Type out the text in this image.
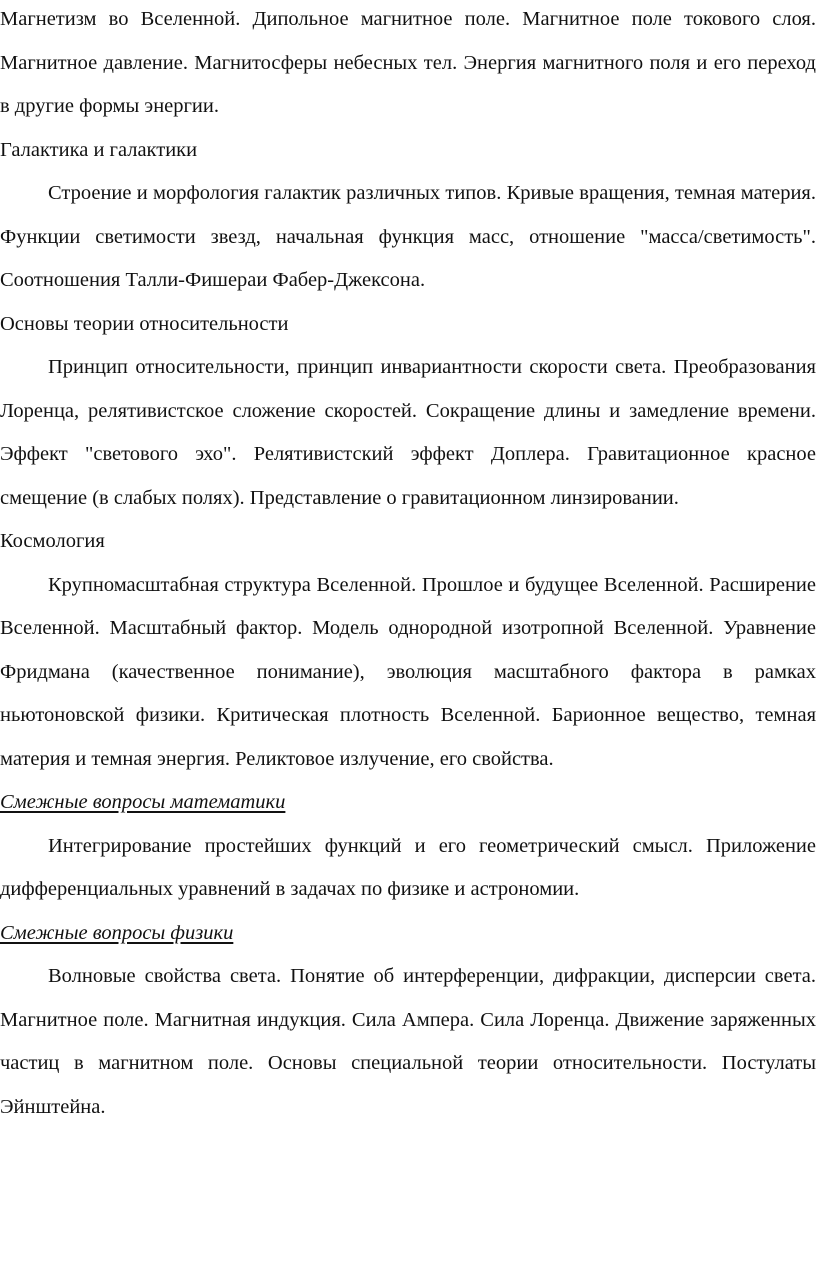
Магнетизм во Вселенной. Дипольное магнитное поле. Магнитное поле токового слоя. Магнитное давление. Магнитосферы небесных тел. Энергия магнитного поля и его переход в другие формы энергии.

Галактика и галактики

Строение и морфология галактик различных типов. Кривые вращения, темная материя. Функции светимости звезд, начальная функция масс, отношение "масса/светимость". Соотношения Талли-Фишераи Фабер-Джексона.

Основы теории относительности

Принцип относительности, принцип инвариантности скорости света. Преобразования Лоренца, релятивистское сложение скоростей. Сокращение длины и замедление времени. Эффект "светового эхо". Релятивистский эффект Доплера. Гравитационное красное смещение (в слабых полях). Представление о гравитационном линзировании.

Космология

Крупномасштабная структура Вселенной. Прошлое и будущее Вселенной. Расширение Вселенной. Масштабный фактор. Модель однородной изотропной Вселенной. Уравнение Фридмана (качественное понимание), эволюция масштабного фактора в рамках ньютоновской физики. Критическая плотность Вселенной. Барионное вещество, темная материя и темная энергия. Реликтовое излучение, его свойства.

Смежные вопросы математики

Интегрирование простейших функций и его геометрический смысл. Приложение дифференциальных уравнений в задачах по физике и астрономии.

Смежные вопросы физики

Волновые свойства света. Понятие об интерференции, дифракции, дисперсии света. Магнитное поле. Магнитная индукция. Сила Ампера. Сила Лоренца. Движение заряженных частиц в магнитном поле. Основы специальной теории относительности. Постулаты Эйнштейна.
